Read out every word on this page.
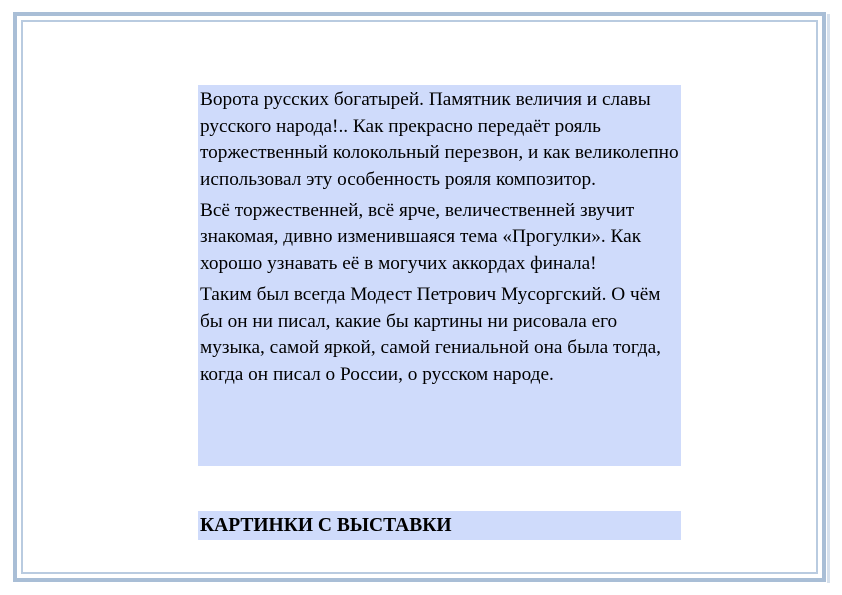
Ворота русских богатырей. Памятник величия и славы русского народа!.. Как прекрасно передаёт рояль торжественный колокольный перезвон, и как великолепно использовал эту особенность рояля композитор.

Всё торжественней, всё ярче, величественней звучит знакомая, дивно изменившаяся тема «Прогулки». Как хорошо узнавать её в могучих аккордах финала!

Таким был всегда Модест Петрович Мусоргский. О чём бы он ни писал, какие бы картины ни рисовала его музыка, самой яркой, самой гениальной она была тогда, когда он писал о России, о русском народе.

КАРТИНКИ С ВЫСТАВКИ
